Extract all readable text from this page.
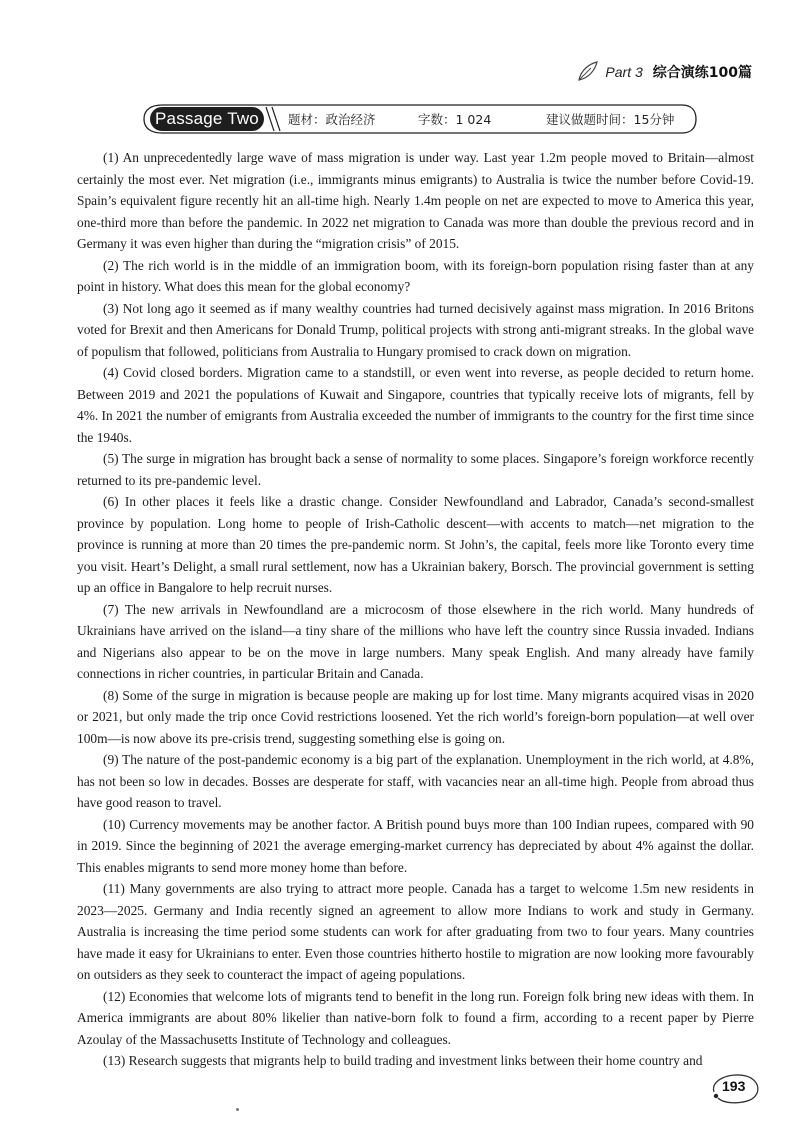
Part 3 综合演练100篇
Passage Two	题材：政治经济	字数：1 024	建议做题时间：15分钟

(1) An unprecedentedly large wave of mass migration is under way. Last year 1.2m people moved to Britain—almost certainly the most ever. Net migration (i.e., immigrants minus emigrants) to Australia is twice the number before Covid-19. Spain’s equivalent figure recently hit an all-time high. Nearly 1.4m people on net are expected to move to America this year, one-third more than before the pandemic. In 2022 net migration to Canada was more than double the previous record and in Germany it was even higher than during the “migration crisis” of 2015.

(2) The rich world is in the middle of an immigration boom, with its foreign-born population rising faster than at any point in history. What does this mean for the global economy?

(3) Not long ago it seemed as if many wealthy countries had turned decisively against mass migration. In 2016 Britons voted for Brexit and then Americans for Donald Trump, political projects with strong anti-migrant streaks. In the global wave of populism that followed, politicians from Australia to Hungary promised to crack down on migration.

(4) Covid closed borders. Migration came to a standstill, or even went into reverse, as people decided to return home. Between 2019 and 2021 the populations of Kuwait and Singapore, countries that typically receive lots of migrants, fell by 4%. In 2021 the number of emigrants from Australia exceeded the number of immigrants to the country for the first time since the 1940s.

(5) The surge in migration has brought back a sense of normality to some places. Singapore’s foreign workforce recently returned to its pre-pandemic level.

(6) In other places it feels like a drastic change. Consider Newfoundland and Labrador, Canada’s second-smallest province by population. Long home to people of Irish-Catholic descent—with accents to match—net migration to the province is running at more than 20 times the pre-pandemic norm. St John’s, the capital, feels more like Toronto every time you visit. Heart’s Delight, a small rural settlement, now has a Ukrainian bakery, Borsch. The provincial government is setting up an office in Bangalore to help recruit nurses.

(7) The new arrivals in Newfoundland are a microcosm of those elsewhere in the rich world. Many hundreds of Ukrainians have arrived on the island—a tiny share of the millions who have left the country since Russia invaded. Indians and Nigerians also appear to be on the move in large numbers. Many speak English. And many already have family connections in richer countries, in particular Britain and Canada.

(8) Some of the surge in migration is because people are making up for lost time. Many migrants acquired visas in 2020 or 2021, but only made the trip once Covid restrictions loosened. Yet the rich world’s foreign-born population—at well over 100m—is now above its pre-crisis trend, suggesting something else is going on.

(9) The nature of the post-pandemic economy is a big part of the explanation. Unemployment in the rich world, at 4.8%, has not been so low in decades. Bosses are desperate for staff, with vacancies near an all-time high. People from abroad thus have good reason to travel.

(10) Currency movements may be another factor. A British pound buys more than 100 Indian rupees, compared with 90 in 2019. Since the beginning of 2021 the average emerging-market currency has depreciated by about 4% against the dollar. This enables migrants to send more money home than before.

(11) Many governments are also trying to attract more people. Canada has a target to welcome 1.5m new residents in 2023—2025. Germany and India recently signed an agreement to allow more Indians to work and study in Germany. Australia is increasing the time period some students can work for after graduating from two to four years. Many countries have made it easy for Ukrainians to enter. Even those countries hitherto hostile to migration are now looking more favourably on outsiders as they seek to counteract the impact of ageing populations.

(12) Economies that welcome lots of migrants tend to benefit in the long run. Foreign folk bring new ideas with them. In America immigrants are about 80% likelier than native-born folk to found a firm, according to a recent paper by Pierre Azoulay of the Massachusetts Institute of Technology and colleagues.

(13) Research suggests that migrants help to build trading and investment links between their home country and

193
